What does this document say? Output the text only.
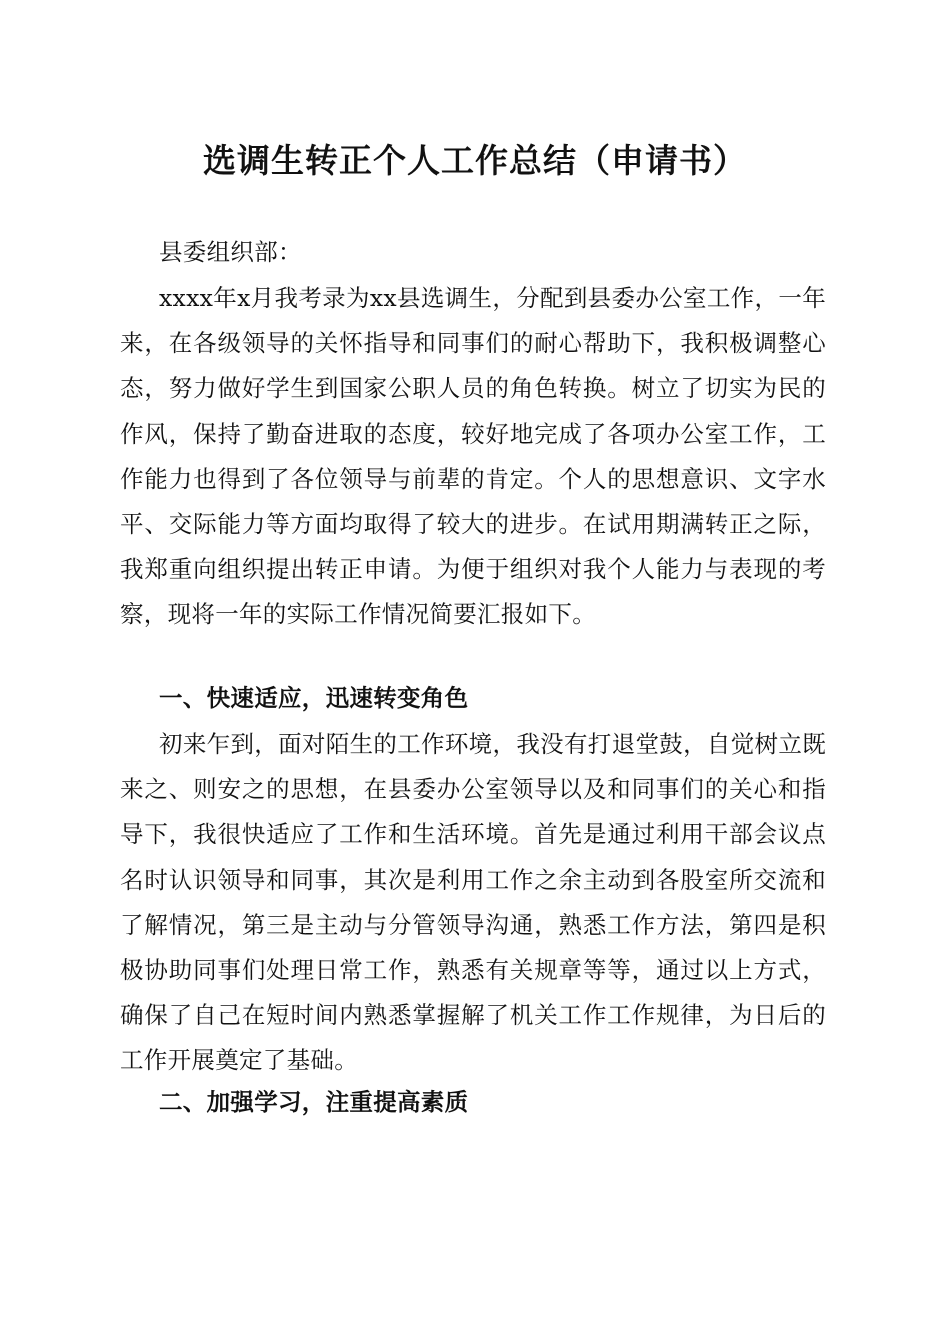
选调生转正个人工作总结（申请书）

县委组织部：

xxxx年x月我考录为xx县选调生，分配到县委办公室工作，一年来，在各级领导的关怀指导和同事们的耐心帮助下，我积极调整心态，努力做好学生到国家公职人员的角色转换。树立了切实为民的作风，保持了勤奋进取的态度，较好地完成了各项办公室工作，工作能力也得到了各位领导与前辈的肯定。个人的思想意识、文字水平、交际能力等方面均取得了较大的进步。在试用期满转正之际，我郑重向组织提出转正申请。为便于组织对我个人能力与表现的考察，现将一年的实际工作情况简要汇报如下。

一、快速适应，迅速转变角色

初来乍到，面对陌生的工作环境，我没有打退堂鼓，自觉树立既来之、则安之的思想，在县委办公室领导以及和同事们的关心和指导下，我很快适应了工作和生活环境。首先是通过利用干部会议点名时认识领导和同事，其次是利用工作之余主动到各股室所交流和了解情况，第三是主动与分管领导沟通，熟悉工作方法，第四是积极协助同事们处理日常工作，熟悉有关规章等等，通过以上方式，确保了自己在短时间内熟悉掌握解了机关工作工作规律，为日后的工作开展奠定了基础。

二、加强学习，注重提高素质
